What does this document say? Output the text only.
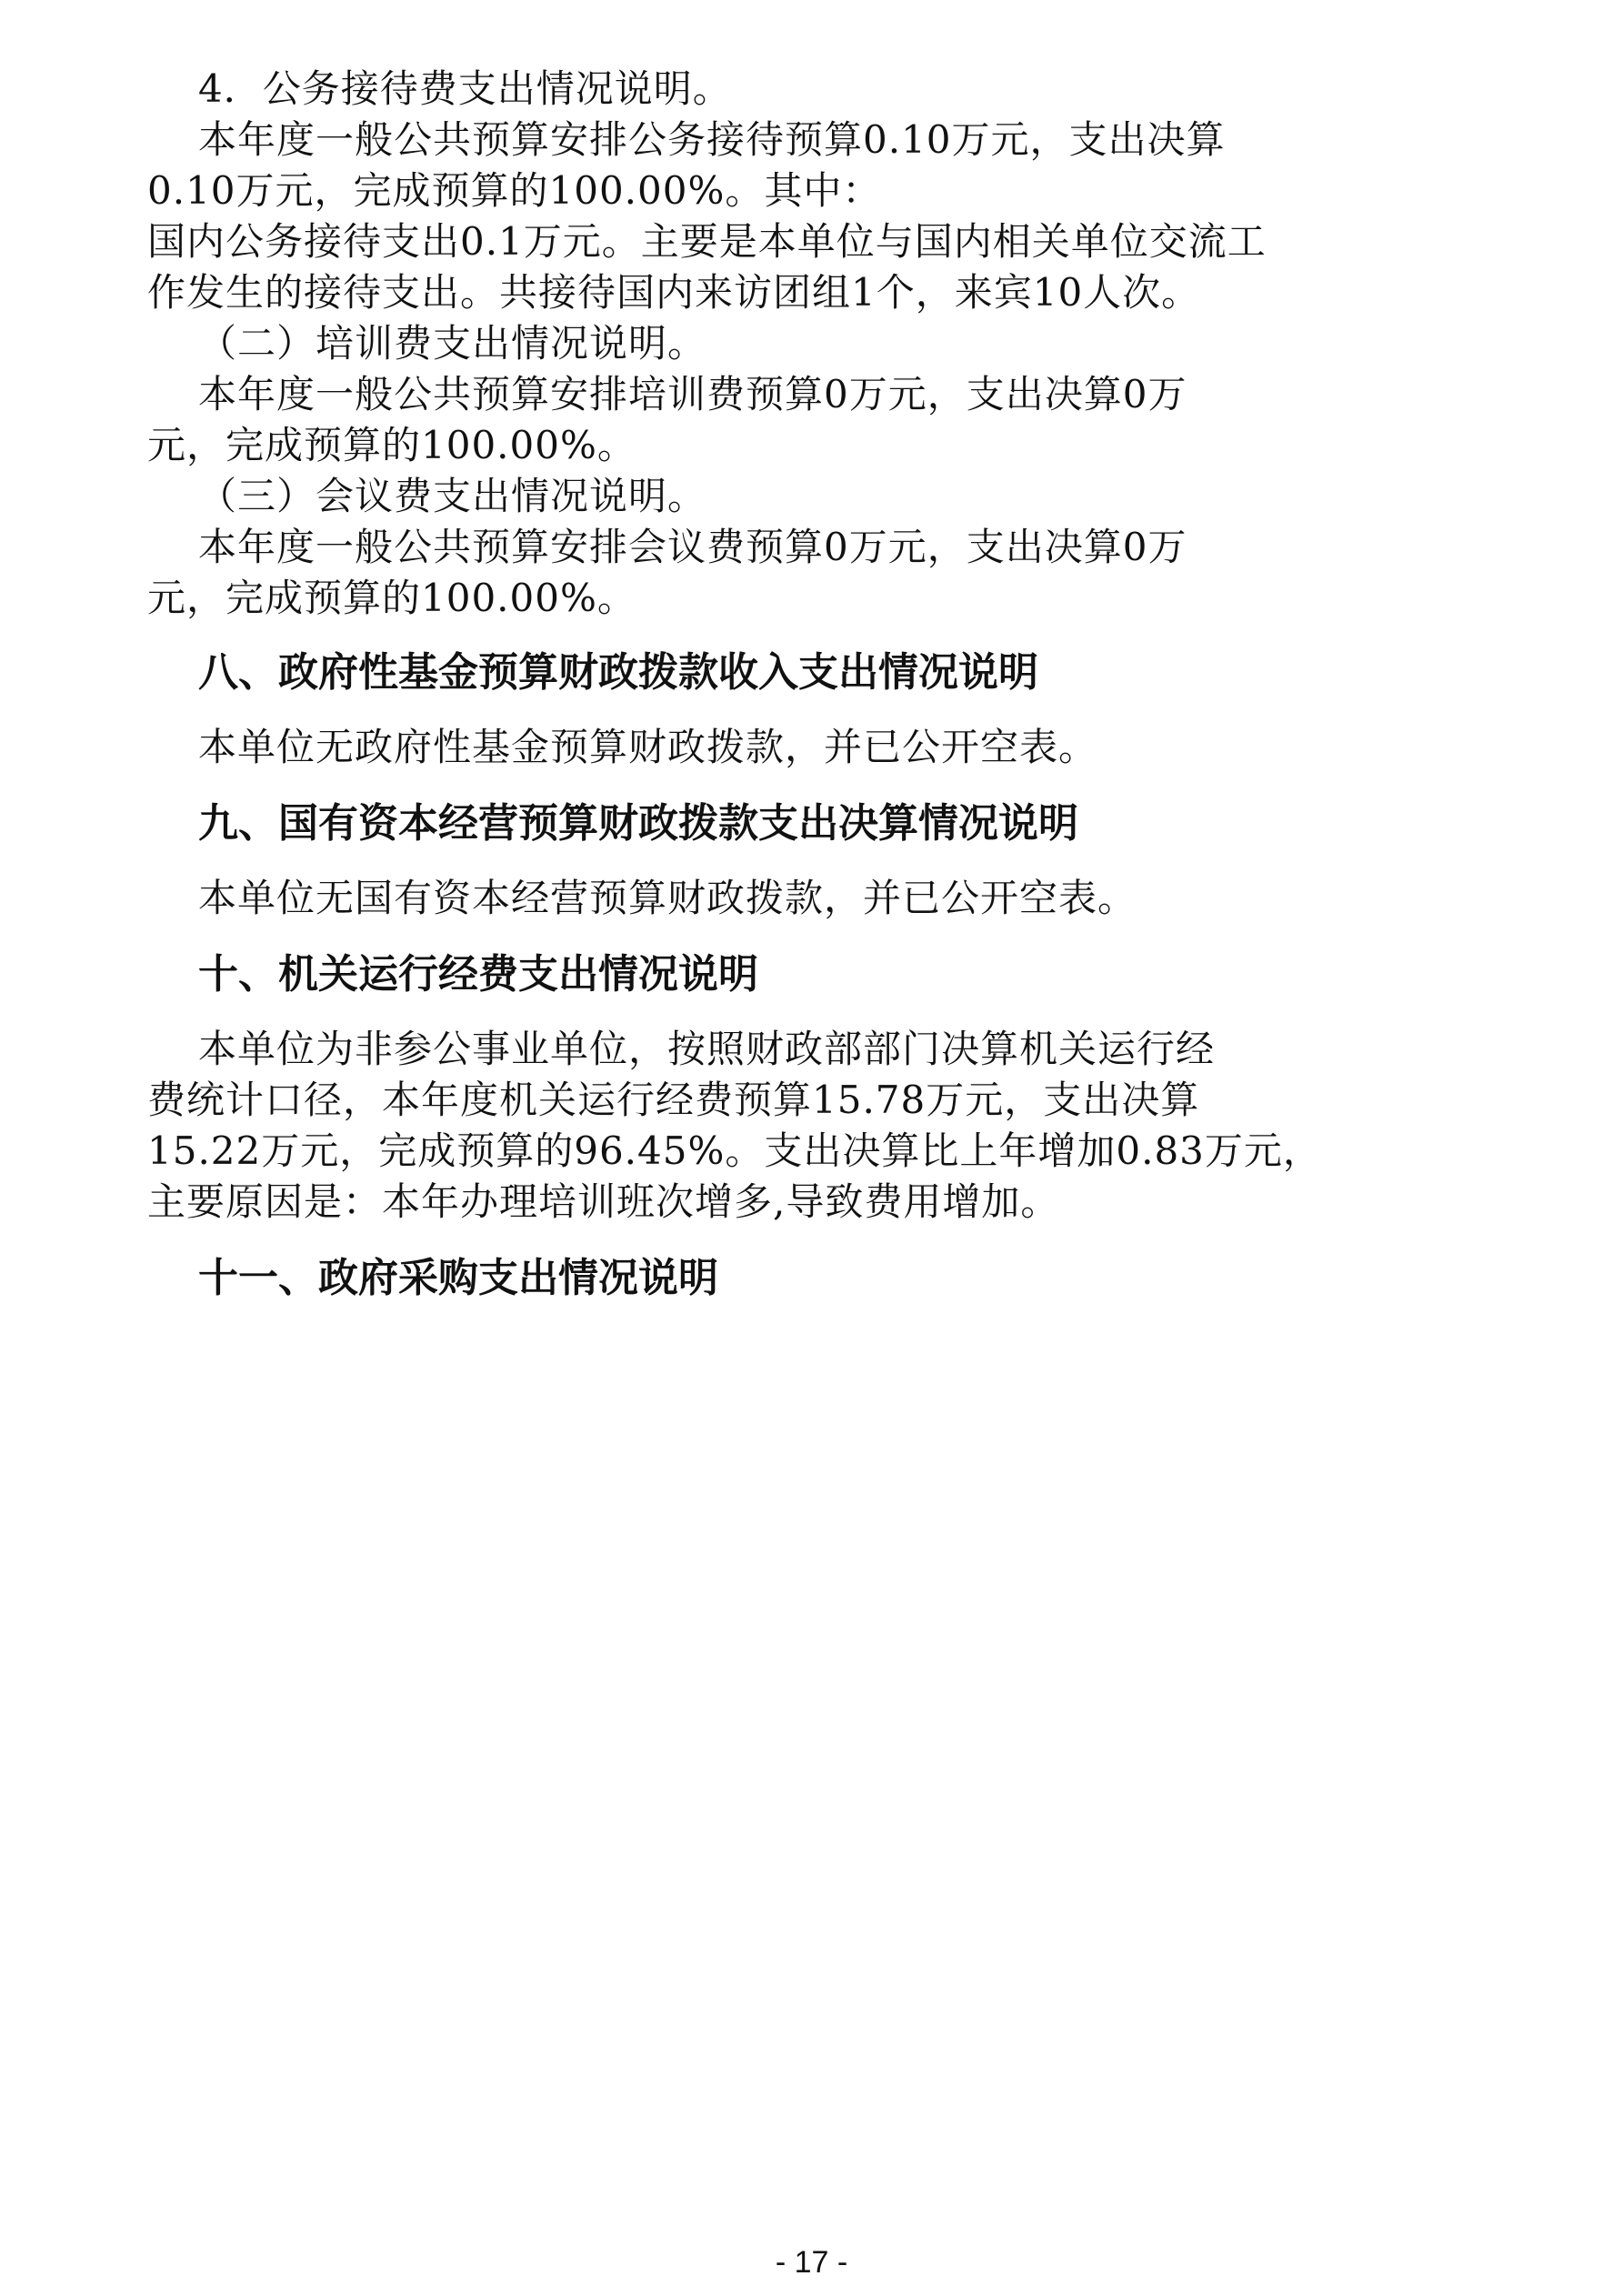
4．公务接待费支出情况说明。
本年度一般公共预算安排公务接待预算0.10万元，支出决算
0.10万元，完成预算的100.00%。其中：
国内公务接待支出0.1万元。主要是本单位与国内相关单位交流工
作发生的接待支出。共接待国内来访团组1个，来宾10人次。
（二）培训费支出情况说明。
本年度一般公共预算安排培训费预算0万元，支出决算0万
元，完成预算的100.00%。
（三）会议费支出情况说明。
本年度一般公共预算安排会议费预算0万元，支出决算0万
元，完成预算的100.00%。
八、政府性基金预算财政拨款收入支出情况说明
本单位无政府性基金预算财政拨款，并已公开空表。
九、国有资本经营预算财政拨款支出决算情况说明
本单位无国有资本经营预算财政拨款，并已公开空表。
十、机关运行经费支出情况说明
本单位为非参公事业单位，按照财政部部门决算机关运行经
费统计口径，本年度机关运行经费预算15.78万元，支出决算
15.22万元，完成预算的96.45%。支出决算比上年增加0.83万元，
主要原因是：本年办理培训班次增多,导致费用增加。
十一、政府采购支出情况说明
- 17 -
